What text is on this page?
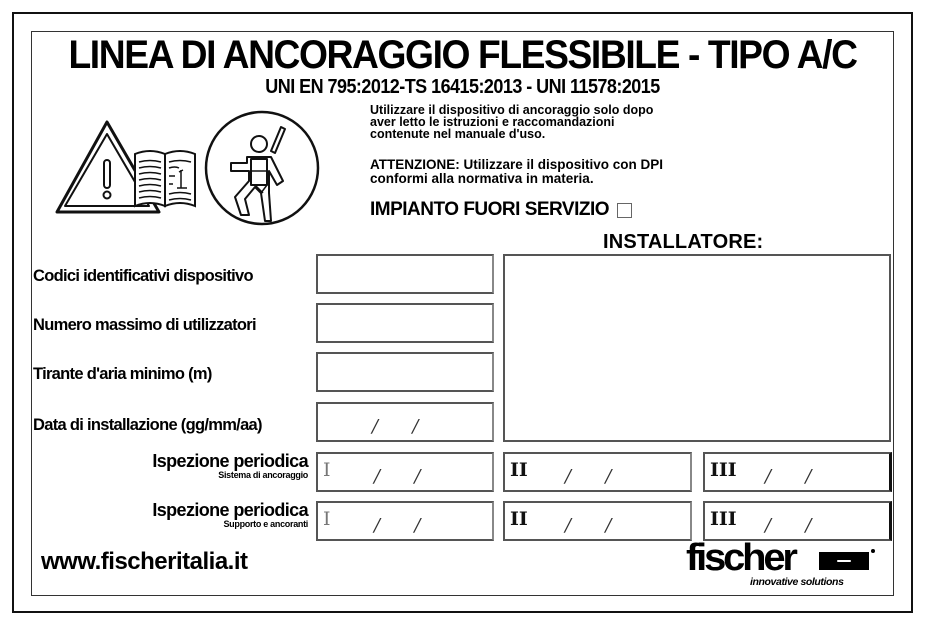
LINEA DI ANCORAGGIO FLESSIBILE - TIPO A/C
UNI EN 795:2012-TS 16415:2013 - UNI 11578:2015
Utilizzare il dispositivo di ancoraggio solo dopo
aver letto le istruzioni e raccomandazioni
contenute nel manuale d'uso.
ATTENZIONE: Utilizzare il dispositivo con DPI
conformi alla normativa in materia.
IMPIANTO FUORI SERVIZIO
INSTALLATORE:
Codici identificativi dispositivo
Numero massimo di utilizzatori
Tirante d'aria minimo (m)
Data di installazione (gg/mm/aa)	/      /
Ispezione periodica
Sistema di ancoraggio I /      /	II /      /	III /      /
Ispezione periodica
Supporto e ancoranti I /      /	II /      /	III /      /
www.fischeritalia.it	fischer
innovative solutions
